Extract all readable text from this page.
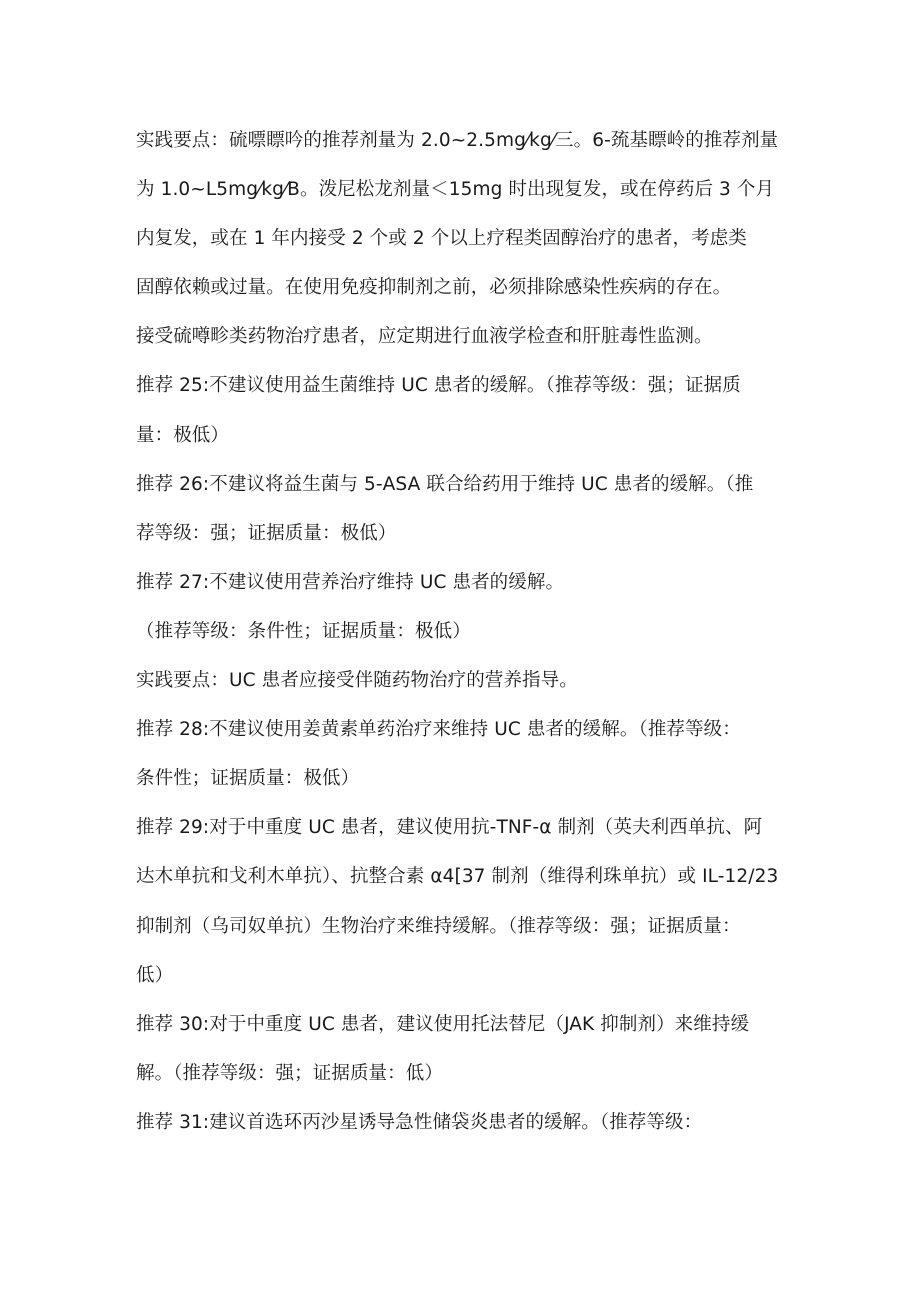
实践要点：硫嘌瞟吟的推荐剂量为 2.0~2.5mg⁄kg⁄三。6-巯基瞟岭的推荐剂量
为 1.0~L5mg⁄kg⁄B。泼尼松龙剂量＜15mg 时出现复发，或在停药后 3 个月
内复发，或在 1 年内接受 2 个或 2 个以上疗程类固醇治疗的患者，考虑类
固醇依赖或过量。在使用免疫抑制剂之前，必须排除感染性疾病的存在。
接受硫噂畛类药物治疗患者，应定期进行血液学检查和肝脏毒性监测。
推荐 25:不建议使用益生菌维持 UC 患者的缓解。（推荐等级：强；证据质
量：极低）
推荐 26:不建议将益生菌与 5-ASA 联合给药用于维持 UC 患者的缓解。（推
荐等级：强；证据质量：极低）
推荐 27:不建议使用营养治疗维持 UC 患者的缓解。
（推荐等级：条件性；证据质量：极低）
实践要点：UC 患者应接受伴随药物治疗的营养指导。
推荐 28:不建议使用姜黄素单药治疗来维持 UC 患者的缓解。（推荐等级：
条件性；证据质量：极低）
推荐 29:对于中重度 UC 患者，建议使用抗-TNF-α 制剂（英夫利西单抗、阿
达木单抗和戈利木单抗）、抗整合素 α4[37 制剂（维得利珠单抗）或 IL-12/23
抑制剂（乌司奴单抗）生物治疗来维持缓解。（推荐等级：强；证据质量：
低）
推荐 30:对于中重度 UC 患者，建议使用托法替尼（JAK 抑制剂）来维持缓
解。（推荐等级：强；证据质量：低）
推荐 31:建议首选环丙沙星诱导急性储袋炎患者的缓解。（推荐等级：
